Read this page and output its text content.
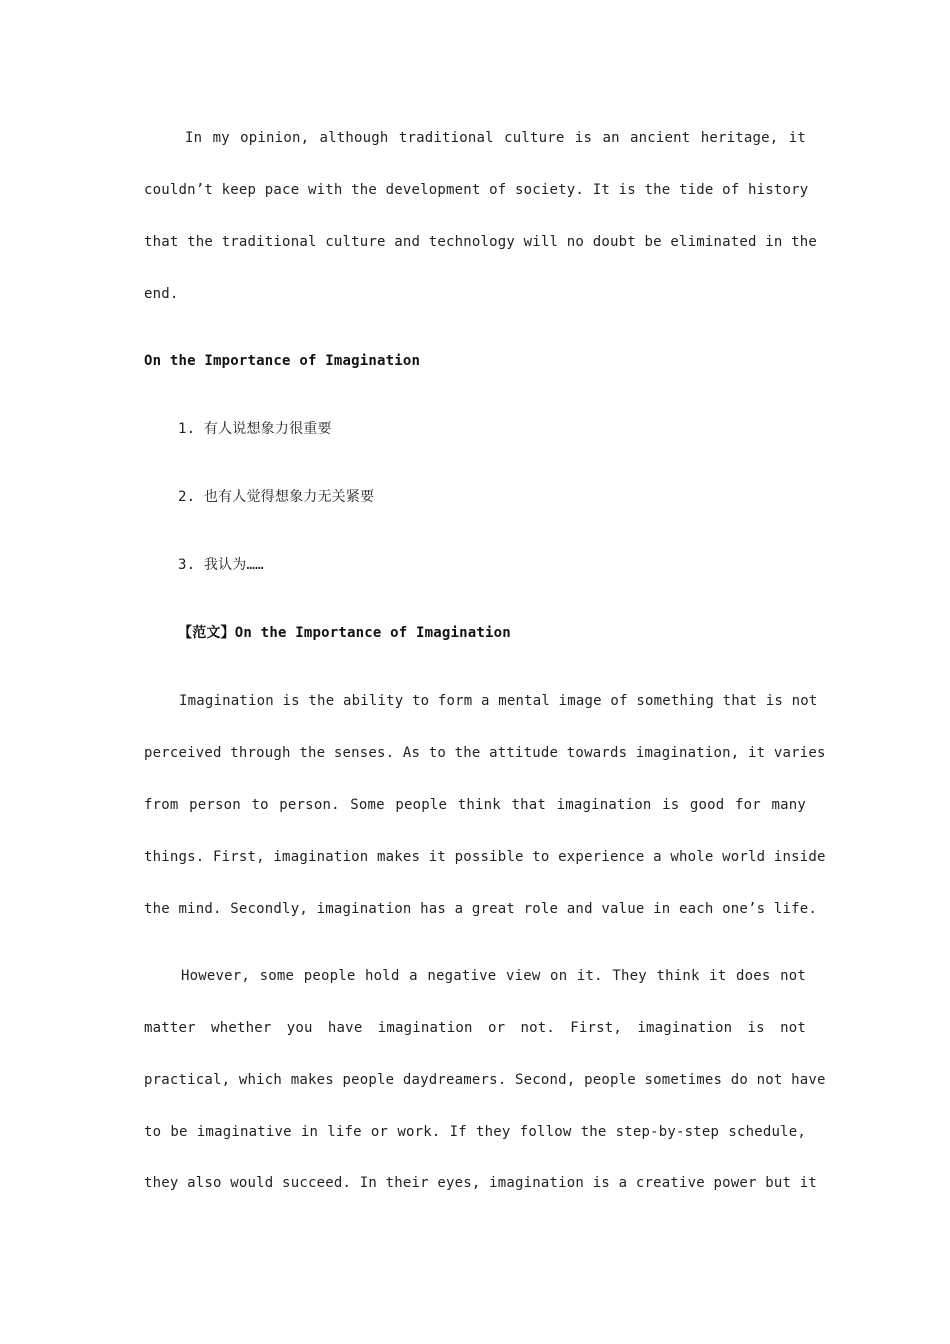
In my opinion, although traditional culture is an ancient heritage, it
couldn’t keep pace with the development of society. It is the tide of history
that the traditional culture and technology will no doubt be eliminated in the
end.
On the Importance of Imagination
1. 有人说想象力很重要
2. 也有人觉得想象力无关紧要
3. 我认为……
【范文】On the Importance of Imagination
Imagination is the ability to form a mental image of something that is not
perceived through the senses. As to the attitude towards imagination, it varies
from person to person. Some people think that imagination is good for many
things. First, imagination makes it possible to experience a whole world inside
the mind. Secondly, imagination has a great role and value in each one’s life.
However, some people hold a negative view on it. They think it does not
matter whether you have imagination or not. First, imagination is not
practical, which makes people daydreamers. Second, people sometimes do not have
to be imaginative in life or work. If they follow the step-by-step schedule,
they also would succeed. In their eyes, imagination is a creative power but it
